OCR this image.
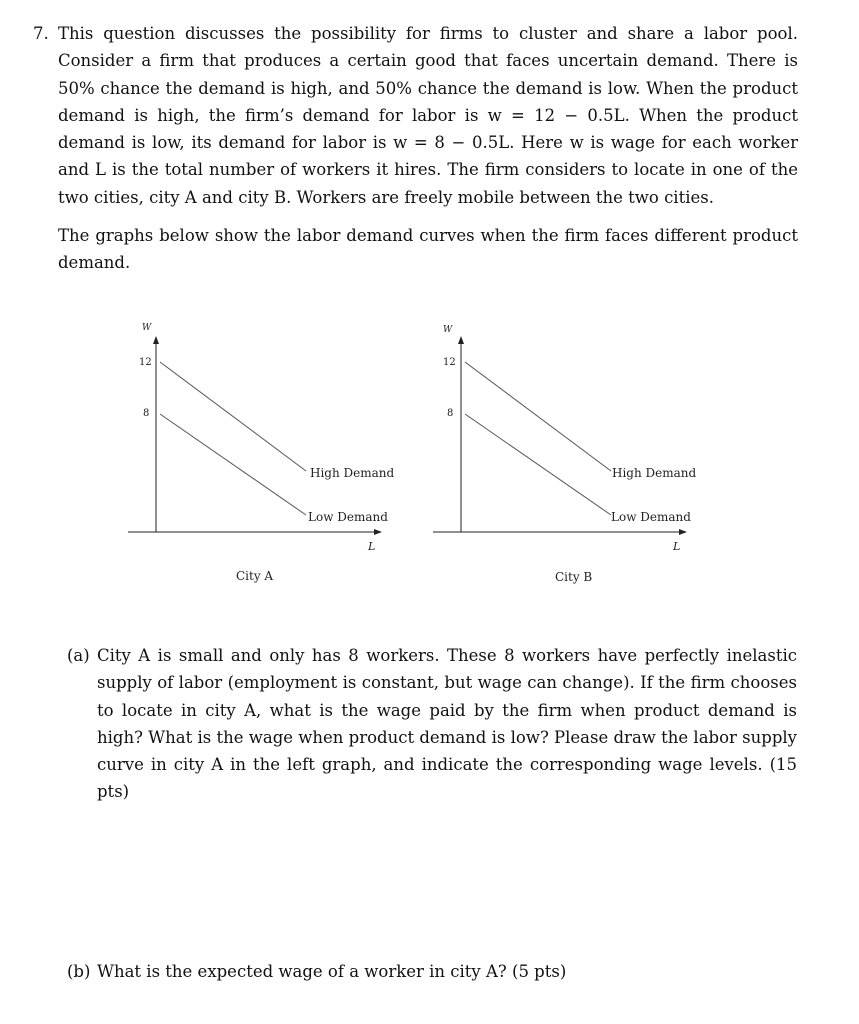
7. This question discusses the possibility for firms to cluster and share a labor pool. Consider a firm that produces a certain good that faces uncertain demand. There is 50% chance the demand is high, and 50% chance the demand is low. When the product demand is high, the firm’s demand for labor is w = 12 − 0.5L. When the product demand is low, its demand for labor is w = 8 − 0.5L. Here w is wage for each worker and L is the total number of workers it hires. The firm considers to locate in one of the two cities, city A and city B. Workers are freely mobile between the two cities.
The graphs below show the labor demand curves when the firm faces different product demand.
W
12
8
High Demand
Low Demand
L
City A
W
12
8
High Demand
Low Demand
L
City B
(a) City A is small and only has 8 workers. These 8 workers have perfectly inelastic supply of labor (employment is constant, but wage can change). If the firm chooses to locate in city A, what is the wage paid by the firm when product demand is high? What is the wage when product demand is low? Please draw the labor supply curve in city A in the left graph, and indicate the corresponding wage levels. (15 pts)
(b) What is the expected wage of a worker in city A? (5 pts)
